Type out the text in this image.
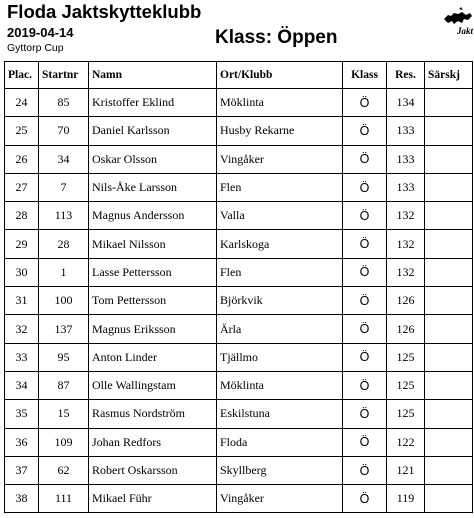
Floda Jaktskytteklubb
2019-04-14
Gyttorp Cup	Klass: Öppen	Jakt
Plac.	Startnr	Namn	Ort/Klubb	Klass	Res.	Särskj
24	85	Kristoffer Eklind	Möklinta	Ö	134	
25	70	Daniel Karlsson	Husby Rekarne	Ö	133	
26	34	Oskar Olsson	Vingåker	Ö	133	
27	7	Nils-Åke Larsson	Flen	Ö	133	
28	113	Magnus Andersson	Valla	Ö	132	
29	28	Mikael Nilsson	Karlskoga	Ö	132	
30	1	Lasse Pettersson	Flen	Ö	132	
31	100	Tom Pettersson	Björkvik	Ö	126	
32	137	Magnus Eriksson	Ärla	Ö	126	
33	95	Anton Linder	Tjällmo	Ö	125	
34	87	Olle Wallingstam	Möklinta	Ö	125	
35	15	Rasmus Nordström	Eskilstuna	Ö	125	
36	109	Johan Redfors	Floda	Ö	122	
37	62	Robert Oskarsson	Skyllberg	Ö	121	
38	111	Mikael Führ	Vingåker	Ö	119	
